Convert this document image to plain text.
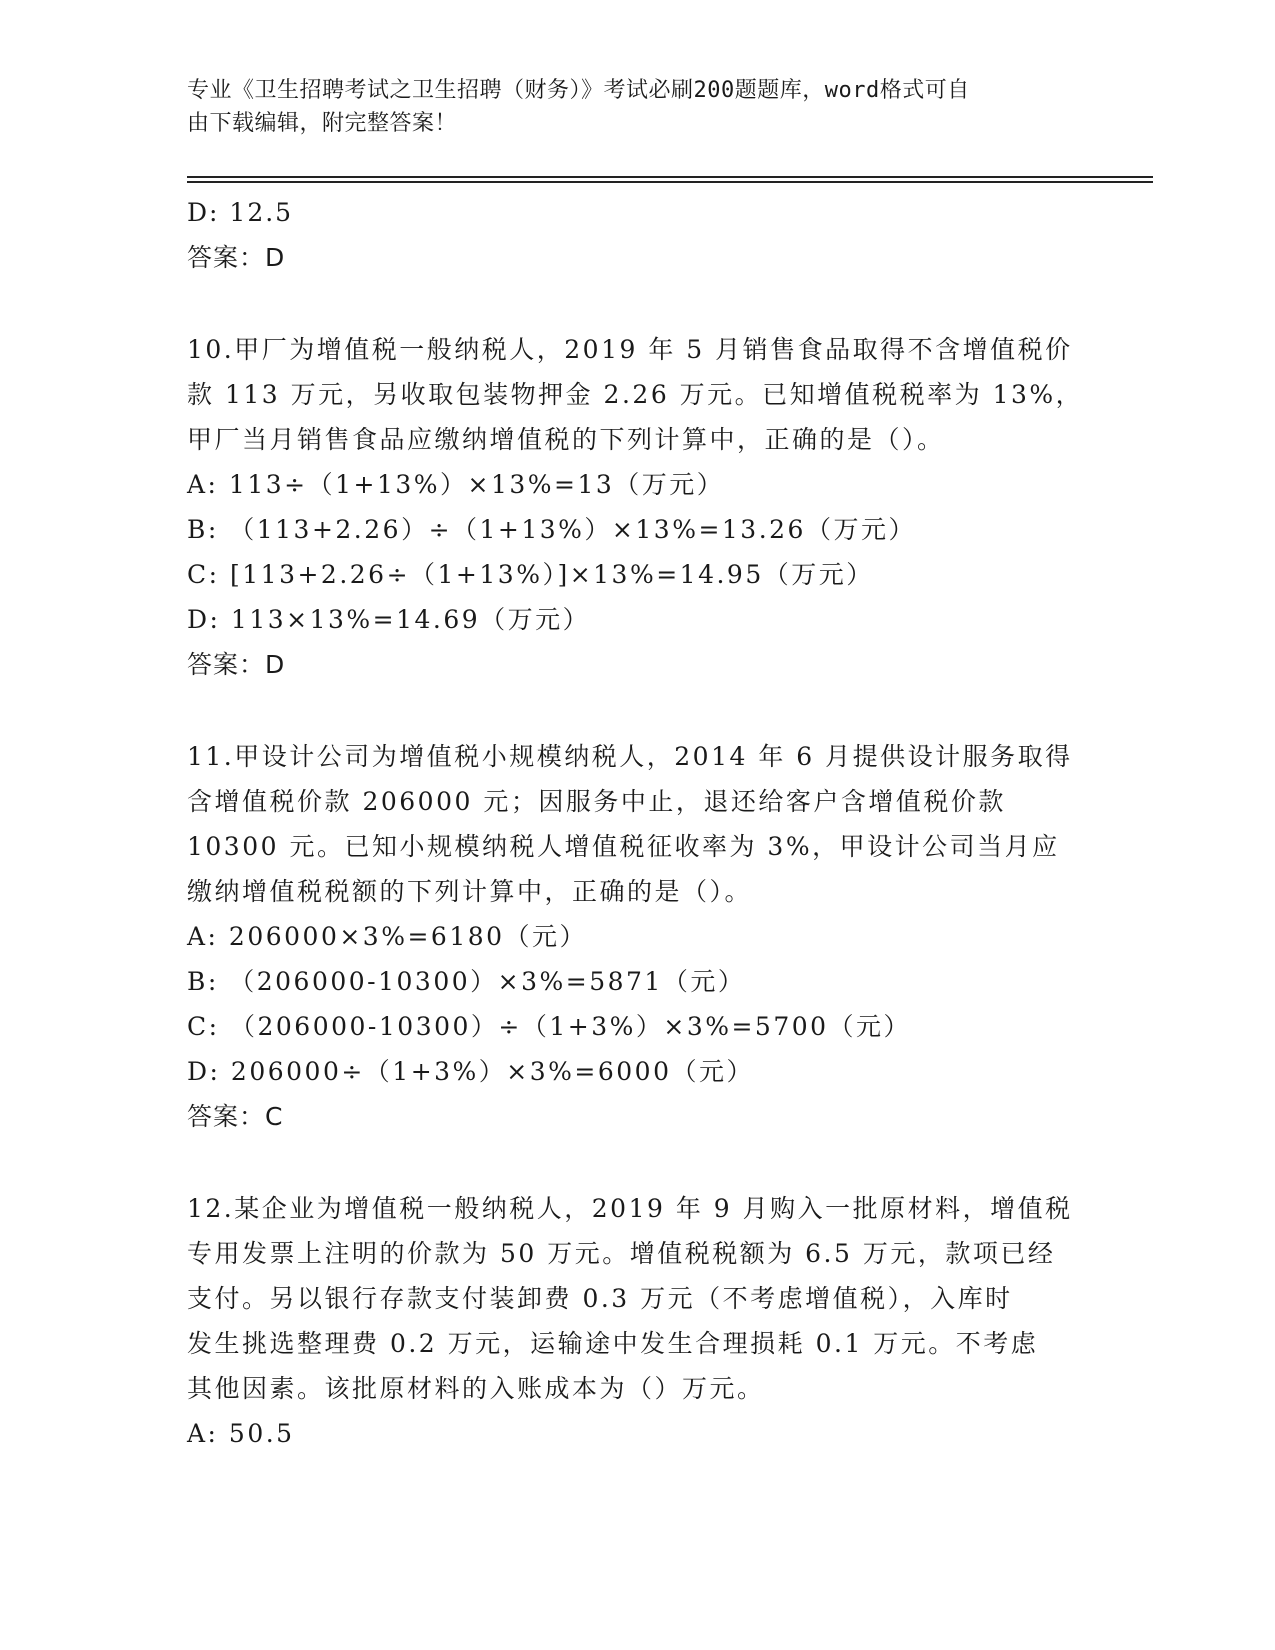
专业《卫生招聘考试之卫生招聘（财务）》考试必刷200题题库，word格式可自
由下载编辑，附完整答案！
D: 12.5
答案：D
10.甲厂为增值税一般纳税人，2019 年 5 月销售食品取得不含增值税价
款 113 万元，另收取包装物押金 2.26 万元。已知增值税税率为 13%，
甲厂当月销售食品应缴纳增值税的下列计算中，正确的是（）。
A: 113÷（1+13%）×13%=13（万元）
B: （113+2.26）÷（1+13%）×13%=13.26（万元）
C: [113+2.26÷（1+13%）]×13%=14.95（万元）
D: 113×13%=14.69（万元）
答案：D
11.甲设计公司为增值税小规模纳税人，2014 年 6 月提供设计服务取得
含增值税价款 206000 元；因服务中止，退还给客户含增值税价款
10300 元。已知小规模纳税人增值税征收率为 3%，甲设计公司当月应
缴纳增值税税额的下列计算中，正确的是（）。
A: 206000×3%=6180（元）
B: （206000-10300）×3%=5871（元）
C: （206000-10300）÷（1+3%）×3%=5700（元）
D: 206000÷（1+3%）×3%=6000（元）
答案：C
12.某企业为增值税一般纳税人，2019 年 9 月购入一批原材料，增值税
专用发票上注明的价款为 50 万元。增值税税额为 6.5 万元，款项已经
支付。另以银行存款支付装卸费 0.3 万元（不考虑增值税），入库时
发生挑选整理费 0.2 万元，运输途中发生合理损耗 0.1 万元。不考虑
其他因素。该批原材料的入账成本为（）万元。
A: 50.5
